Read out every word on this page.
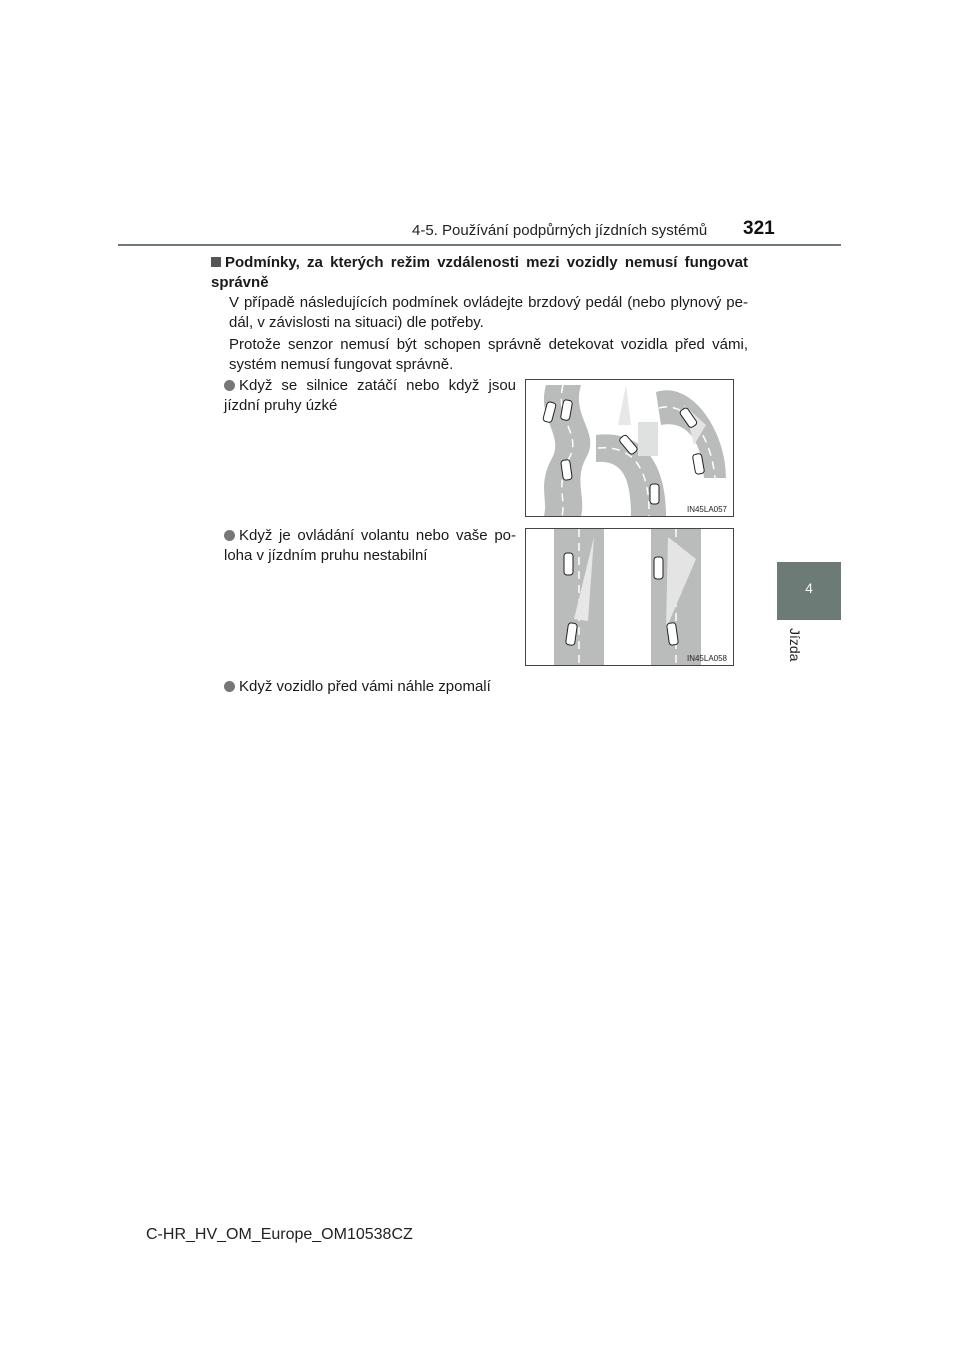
4-5. Používání podpůrných jízdních systémů 321
4
Jízda
Podmínky, za kterých režim vzdálenosti mezi vozidly nemusí fungovat správně
V případě následujících podmínek ovládejte brzdový pedál (nebo plynový pe-dál, v závislosti na situaci) dle potřeby.
Protože senzor nemusí být schopen správně detekovat vozidla před vámi, systém nemusí fungovat správně.
Když se silnice zatáčí nebo když jsou jízdní pruhy úzké
IN45LA057
Když je ovládání volantu nebo vaše po-loha v jízdním pruhu nestabilní
IN45LA058
Když vozidlo před vámi náhle zpomalí
C-HR_HV_OM_Europe_OM10538CZ
